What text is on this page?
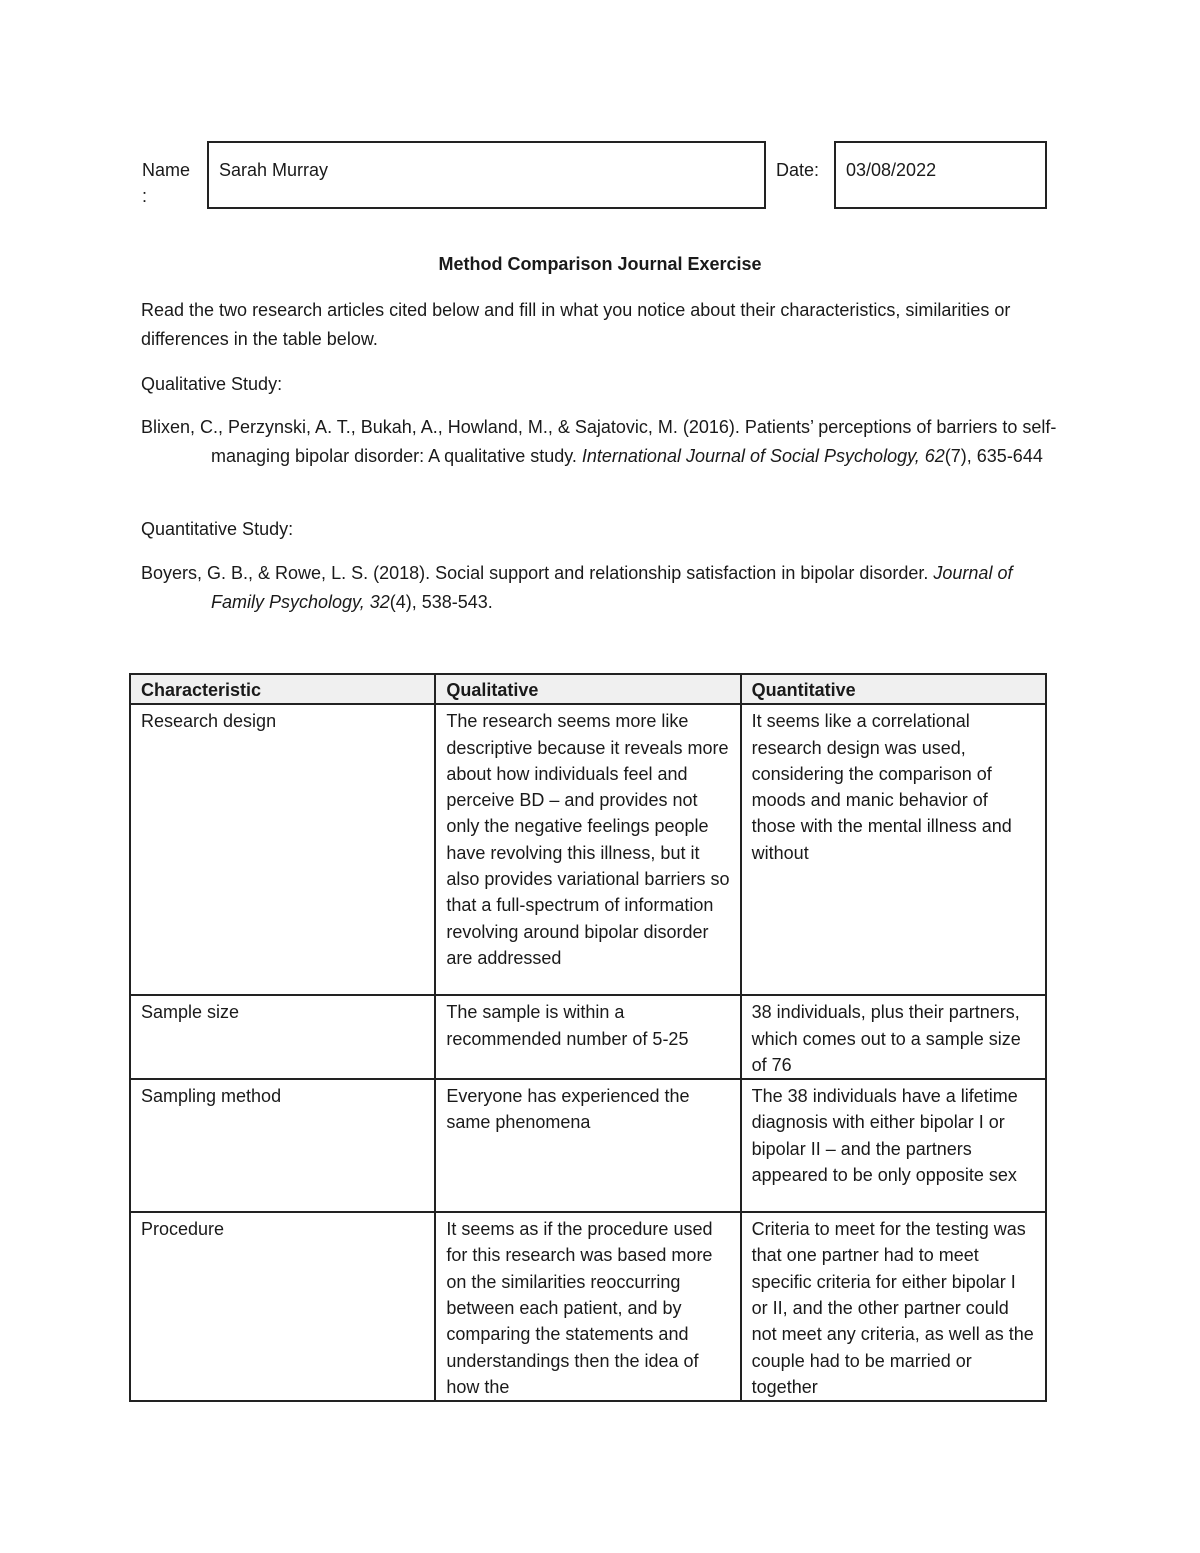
Name
:
Sarah Murray	Date:	03/08/2022
Method Comparison Journal Exercise
Read the two research articles cited below and fill in what you notice about their characteristics, similarities or differences in the table below.
Qualitative Study:
Blixen, C., Perzynski, A. T., Bukah, A., Howland, M., & Sajatovic, M. (2016). Patients’ perceptions of barriers to self-managing bipolar disorder: A qualitative study. International Journal of Social Psychology, 62(7), 635-644
Quantitative Study:
Boyers, G. B., & Rowe, L. S. (2018). Social support and relationship satisfaction in bipolar disorder. Journal of Family Psychology, 32(4), 538-543.
Characteristic	Qualitative	Quantitative
Research design	The research seems more like descriptive because it reveals more about how individuals feel and perceive BD – and provides not only the negative feelings people have revolving this illness, but it also provides variational barriers so that a full-spectrum of information revolving around bipolar disorder are addressed	It seems like a correlational research design was used, considering the comparison of moods and manic behavior of those with the mental illness and without
Sample size	The sample is within a recommended number of 5-25	38 individuals, plus their partners, which comes out to a sample size of 76
Sampling method	Everyone has experienced the same phenomena	The 38 individuals have a lifetime diagnosis with either bipolar I or bipolar II – and the partners appeared to be only opposite sex
Procedure	It seems as if the procedure used for this research was based more on the similarities reoccurring between each patient, and by comparing the statements and understandings then the idea of how the	Criteria to meet for the testing was that one partner had to meet specific criteria for either bipolar I or II, and the other partner could not meet any criteria, as well as the couple had to be married or together
